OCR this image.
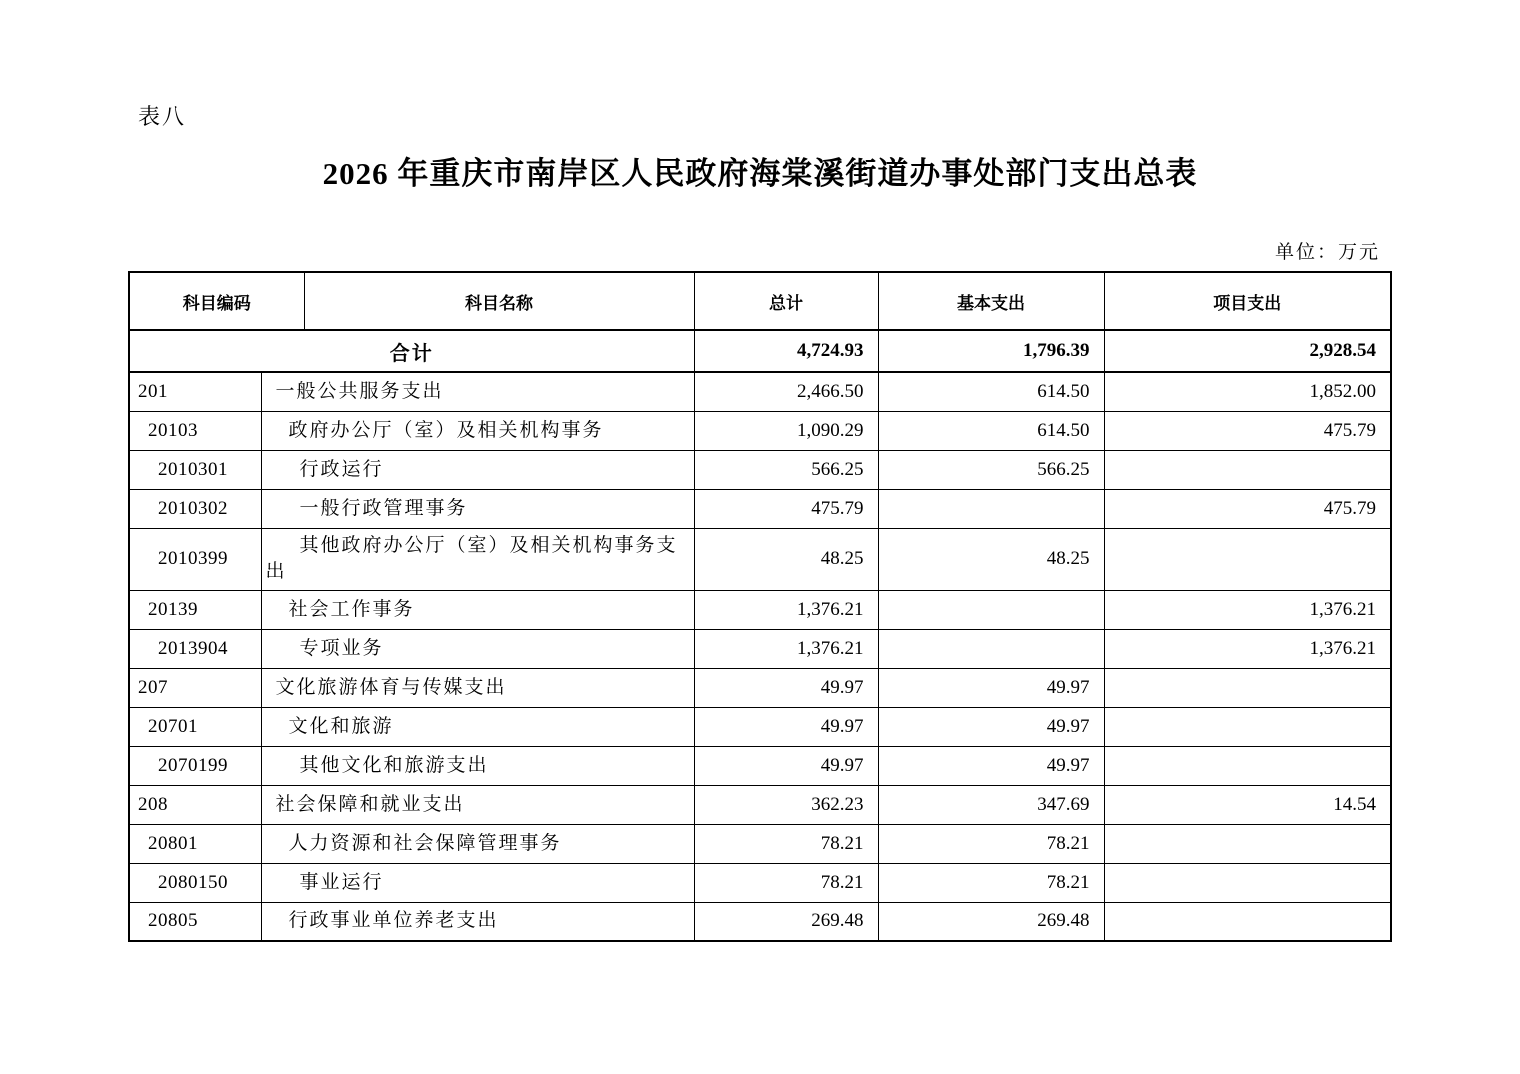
表八
2026 年重庆市南岸区人民政府海棠溪街道办事处部门支出总表
单位：万元
科目编码		科目名称	总计	基本支出	项目支出
合计			4,724.93	1,796.39	2,928.54
201	一般公共服务支出		2,466.50	614.50	1,852.00
20103	政府办公厅（室）及相关机构事务		1,090.29	614.50	475.79
2010301	行政运行		566.25	566.25	
2010302	一般行政管理事务		475.79		475.79
2010399	其他政府办公厅（室）及相关机构事务支出		48.25	48.25	
20139	社会工作事务		1,376.21		1,376.21
2013904	专项业务		1,376.21		1,376.21
207	文化旅游体育与传媒支出		49.97	49.97	
20701	文化和旅游		49.97	49.97	
2070199	其他文化和旅游支出		49.97	49.97	
208	社会保障和就业支出		362.23	347.69	14.54
20801	人力资源和社会保障管理事务		78.21	78.21	
2080150	事业运行		78.21	78.21	
20805	行政事业单位养老支出		269.48	269.48	
